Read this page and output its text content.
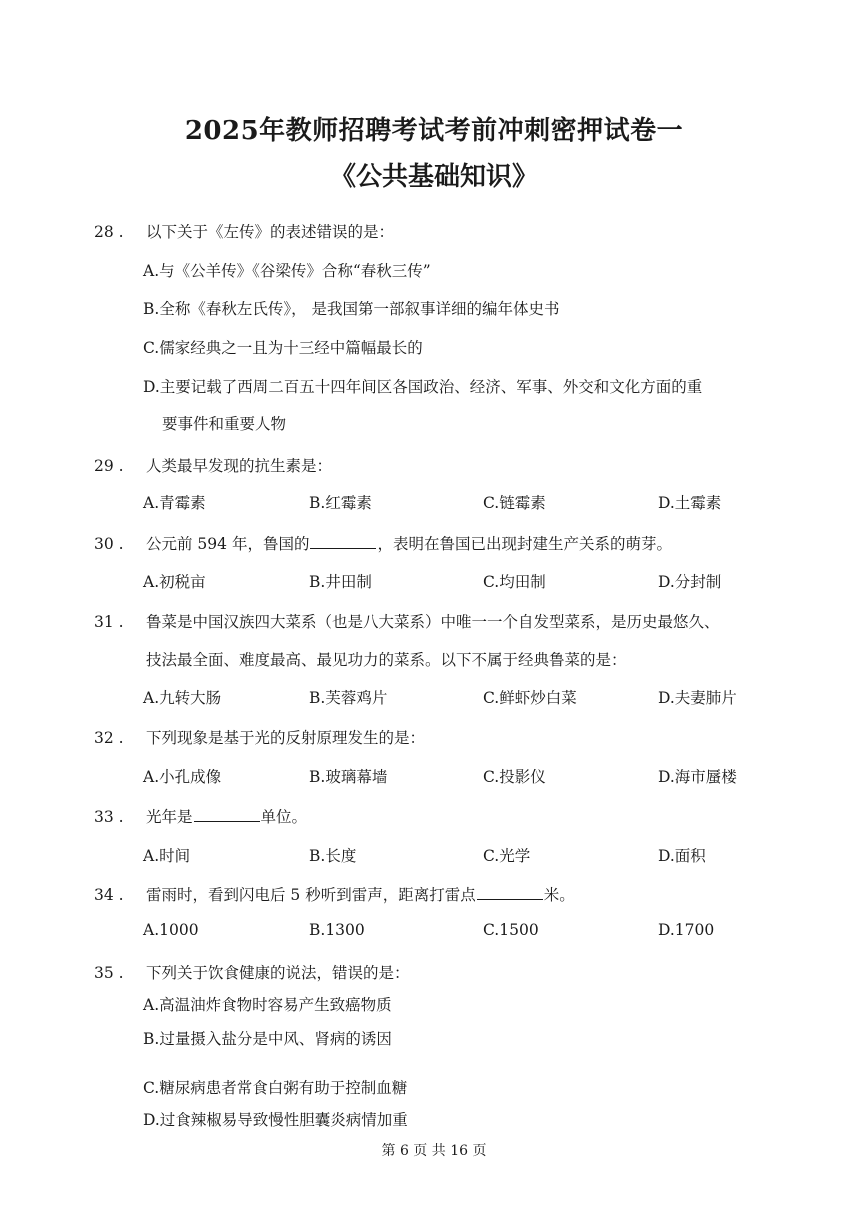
2025年教师招聘考试考前冲刺密押试卷一
《公共基础知识》
28 . 以下关于《左传》的表述错误的是：
A.与《公羊传》《谷梁传》合称“春秋三传”
B.全称《春秋左氏传》， 是我国第一部叙事详细的编年体史书
C.儒家经典之一且为十三经中篇幅最长的
D.主要记载了西周二百五十四年间区各国政治、经济、军事、外交和文化方面的重
要事件和重要人物
29 . 人类最早发现的抗生素是：
A.青霉素	B.红霉素	C.链霉素	D.土霉素
30 . 公元前 594 年，鲁国的	，表明在鲁国已出现封建生产关系的萌芽。
A.初税亩	B.井田制	C.均田制	D.分封制
31 . 鲁菜是中国汉族四大菜系（也是八大菜系）中唯一一个自发型菜系，是历史最悠久、
技法最全面、难度最高、最见功力的菜系。以下不属于经典鲁菜的是：
A.九转大肠	B.芙蓉鸡片	C.鲜虾炒白菜	D.夫妻肺片
32 . 下列现象是基于光的反射原理发生的是：
A.小孔成像	B.玻璃幕墙	C.投影仪	D.海市蜃楼
33 . 光年是	单位。
A.时间	B.长度	C.光学	D.面积
34 . 雷雨时，看到闪电后 5 秒听到雷声，距离打雷点	米。
A.1000	B.1300	C.1500	D.1700
35 . 下列关于饮食健康的说法，错误的是：
A.高温油炸食物时容易产生致癌物质
B.过量摄入盐分是中风、肾病的诱因
C.糖尿病患者常食白粥有助于控制血糖
D.过食辣椒易导致慢性胆囊炎病情加重
第 6 页 共 16 页
